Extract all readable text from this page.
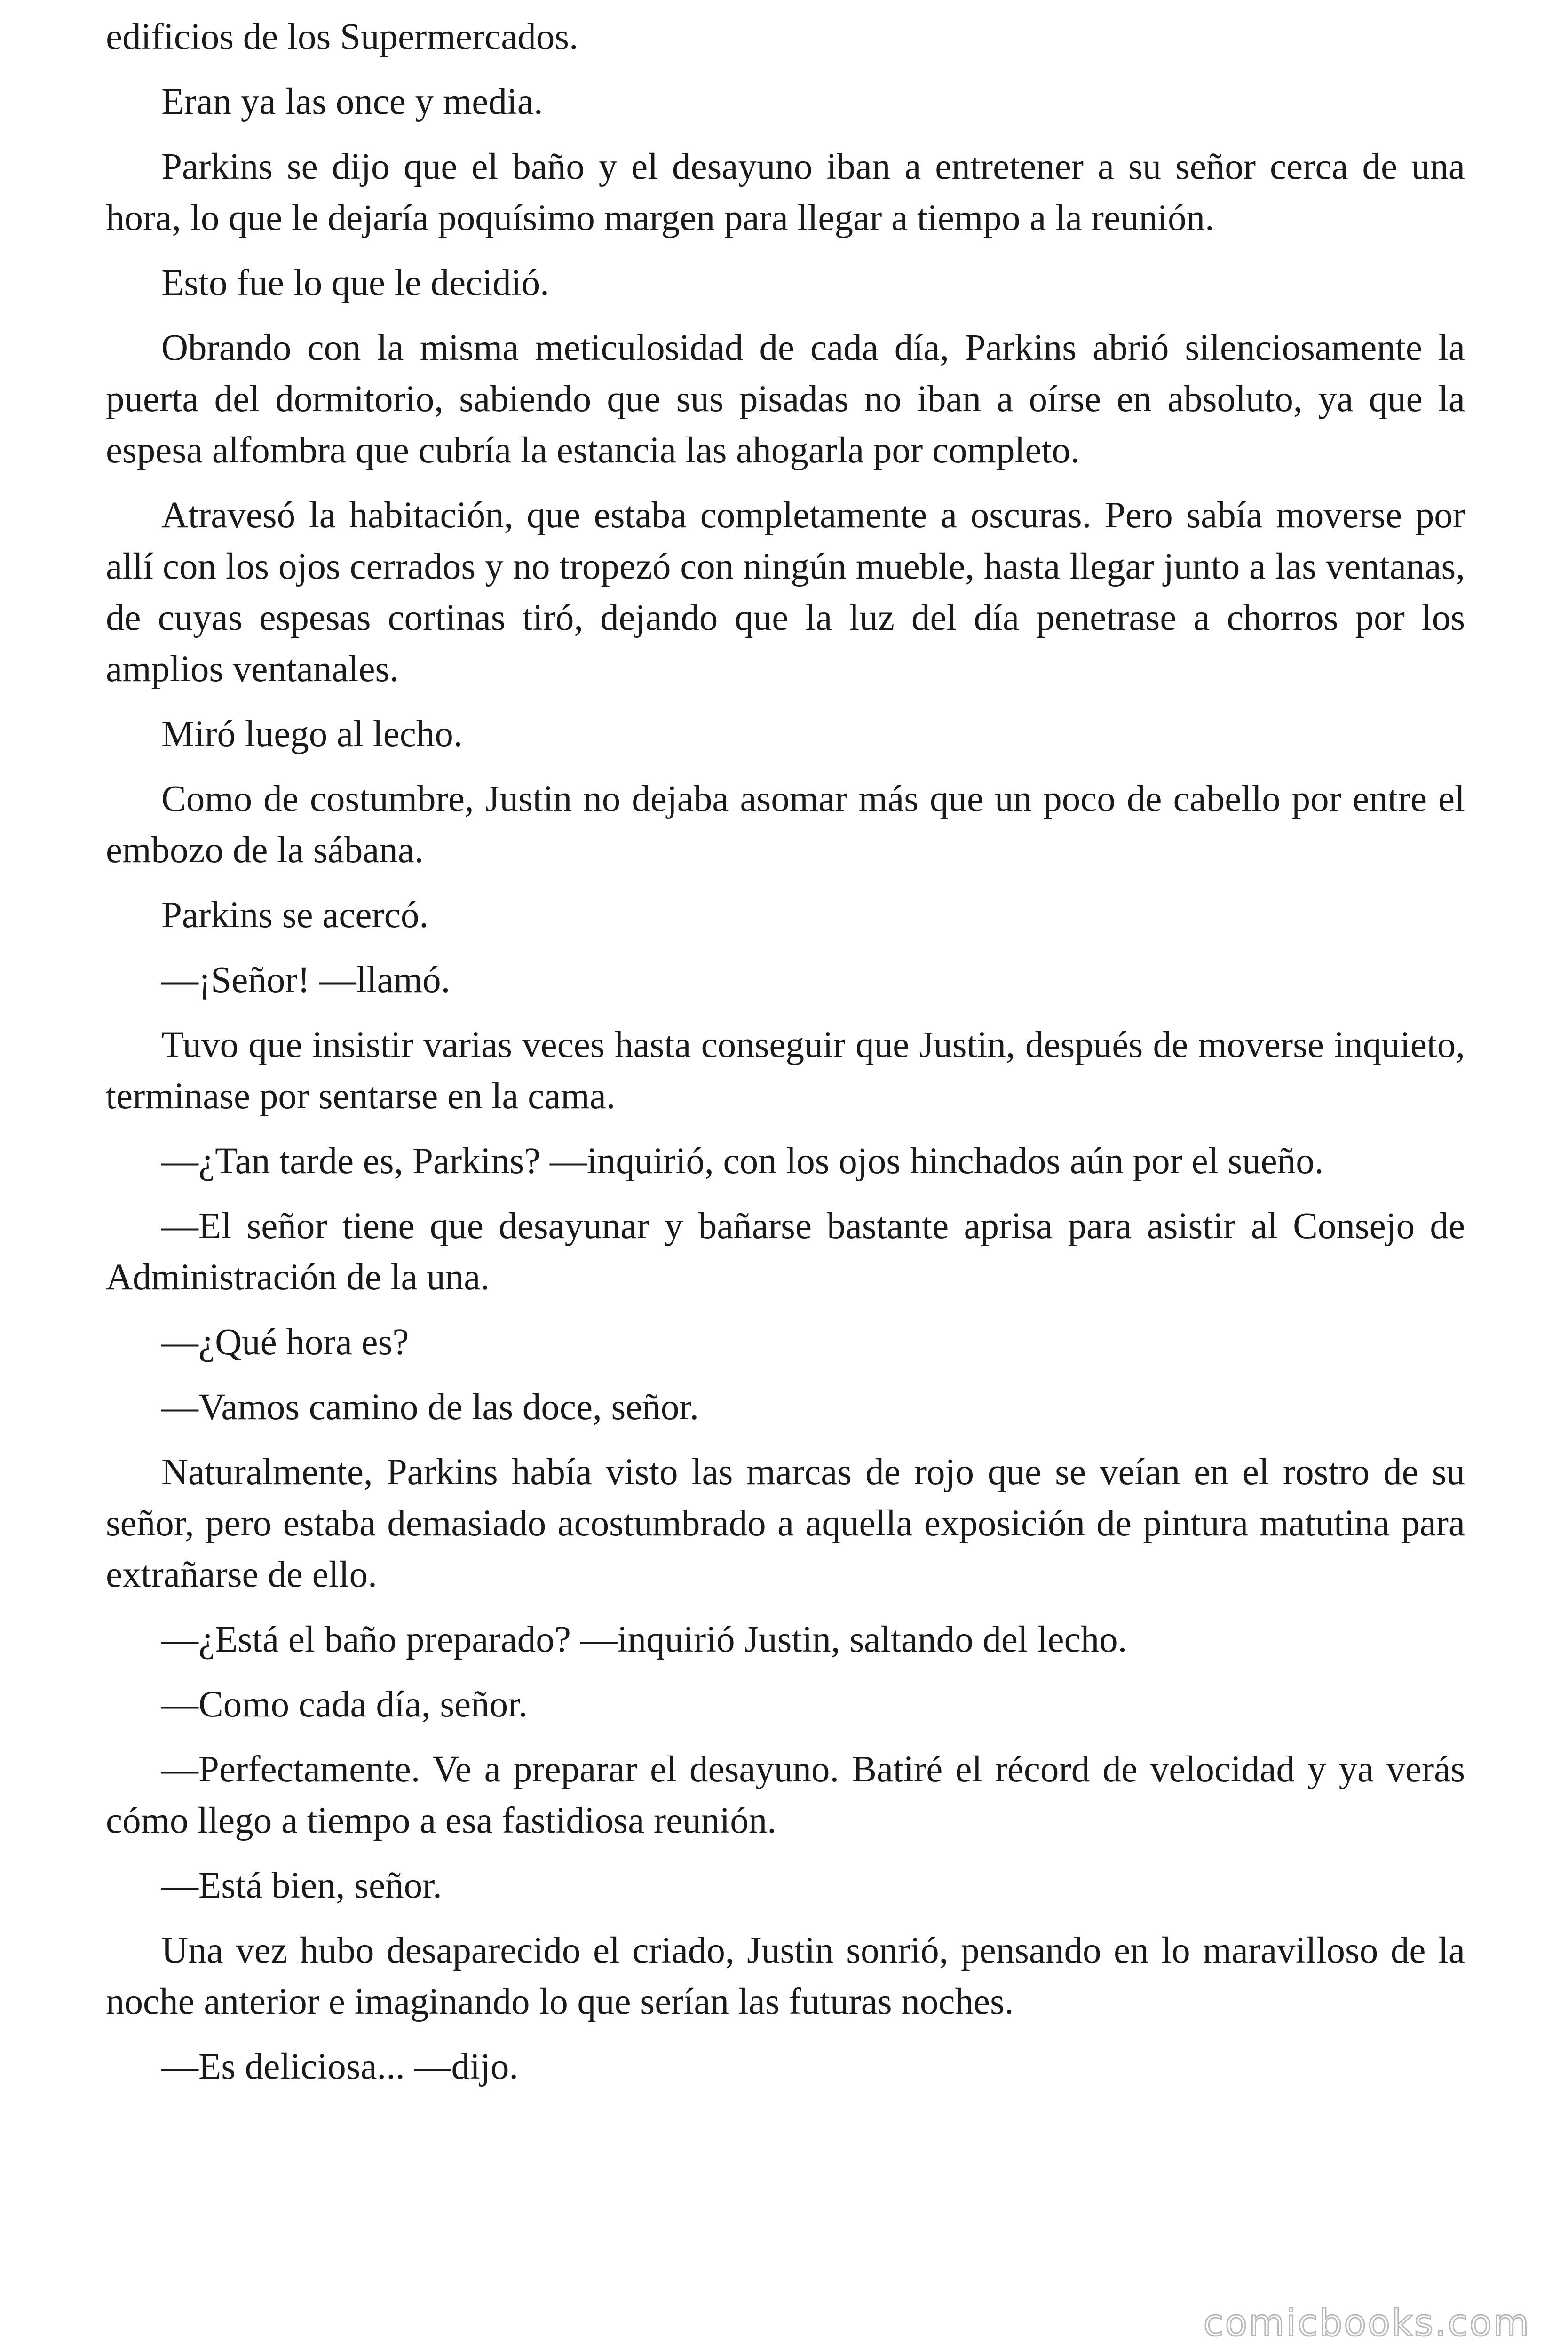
edificios de los Supermercados.

Eran ya las once y media.

Parkins se dijo que el baño y el desayuno iban a entretener a su señor cerca de una hora, lo que le dejaría poquísimo margen para llegar a tiempo a la reunión.

Esto fue lo que le decidió.

Obrando con la misma meticulosidad de cada día, Parkins abrió silenciosamente la puerta del dormitorio, sabiendo que sus pisadas no iban a oírse en absoluto, ya que la espesa alfombra que cubría la estancia las ahogarla por completo.

Atravesó la habitación, que estaba completamente a oscuras. Pero sabía moverse por allí con los ojos cerrados y no tropezó con ningún mueble, hasta llegar junto a las ventanas, de cuyas espesas cortinas tiró, dejando que la luz del día penetrase a chorros por los amplios ventanales.

Miró luego al lecho.

Como de costumbre, Justin no dejaba asomar más que un poco de cabello por entre el embozo de la sábana.

Parkins se acercó.

—¡Señor! —llamó.

Tuvo que insistir varias veces hasta conseguir que Justin, después de moverse inquieto, terminase por sentarse en la cama.

—¿Tan tarde es, Parkins? —inquirió, con los ojos hinchados aún por el sueño.

—El señor tiene que desayunar y bañarse bastante aprisa para asistir al Consejo de Administración de la una.

—¿Qué hora es?

—Vamos camino de las doce, señor.

Naturalmente, Parkins había visto las marcas de rojo que se veían en el rostro de su señor, pero estaba demasiado acostumbrado a aquella exposición de pintura matutina para extrañarse de ello.

—¿Está el baño preparado? —inquirió Justin, saltando del lecho.

—Como cada día, señor.

—Perfectamente. Ve a preparar el desayuno. Batiré el récord de velocidad y ya verás cómo llego a tiempo a esa fastidiosa reunión.

—Está bien, señor.

Una vez hubo desaparecido el criado, Justin sonrió, pensando en lo maravilloso de la noche anterior e imaginando lo que serían las futuras noches.

—Es deliciosa... —dijo.

comicbooks.com
